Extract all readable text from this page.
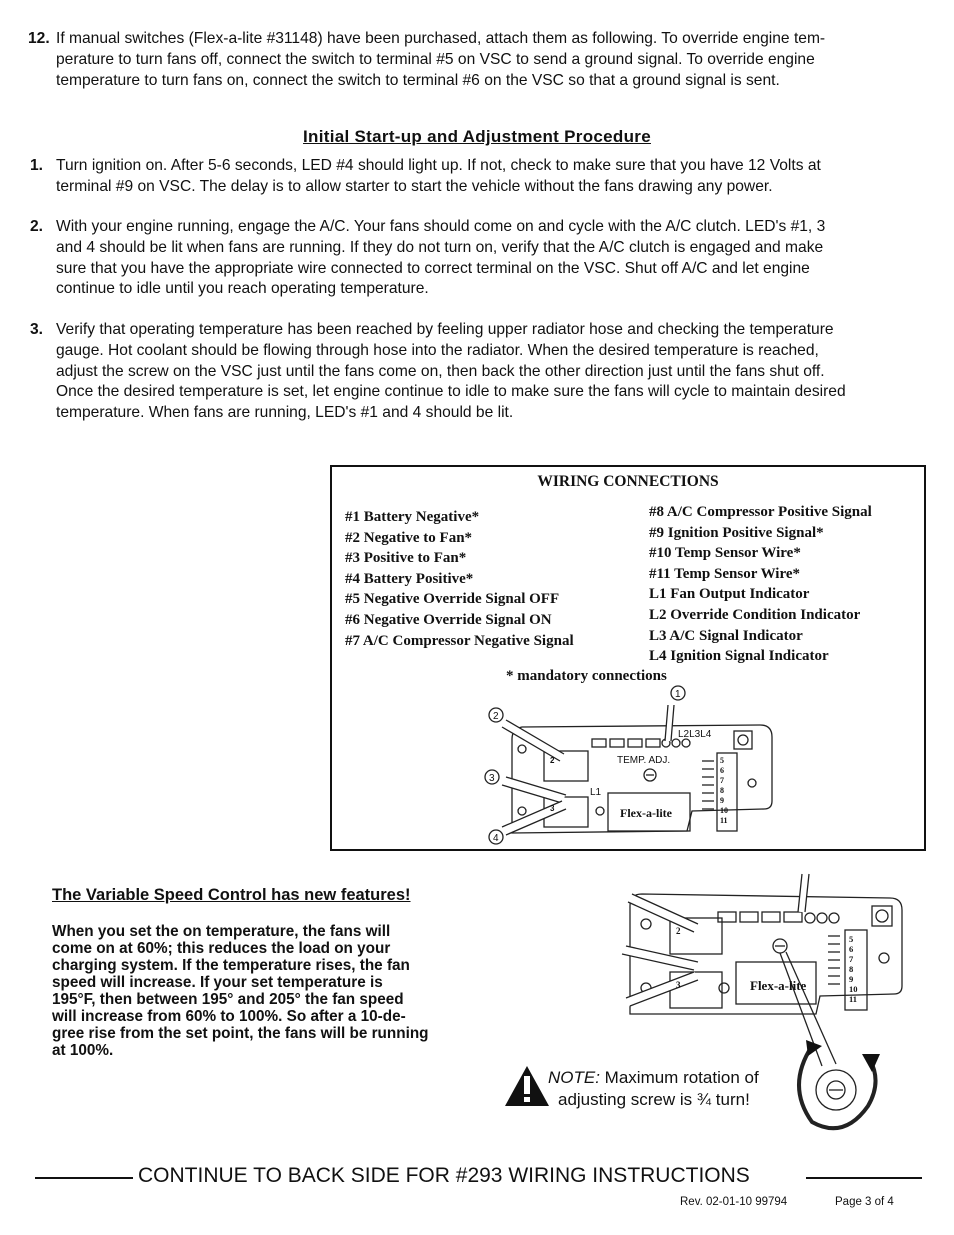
12. If manual switches (Flex-a-lite #31148) have been purchased, attach them as following. To override engine tem-
perature to turn fans off, connect the switch to terminal #5 on VSC to send a ground signal. To override engine
temperature to turn fans on, connect the switch to terminal #6 on the VSC so that a ground signal is sent.
Initial Start-up and Adjustment Procedure
1. Turn ignition on. After 5-6 seconds, LED #4 should light up. If not, check to make sure that you have 12 Volts at
terminal #9 on VSC. The delay is to allow starter to start the vehicle without the fans drawing any power.
2. With your engine running, engage the A/C. Your fans should come on and cycle with the A/C clutch. LED's #1, 3
and 4 should be lit when fans are running. If they do not turn on, verify that the A/C clutch is engaged and make
sure that you have the appropriate wire connected to correct terminal on the VSC. Shut off A/C and let engine
continue to idle until you reach operating temperature.
3. Verify that operating temperature has been reached by feeling upper radiator hose and checking the temperature
gauge. Hot coolant should be flowing through hose into the radiator. When the desired temperature is reached,
adjust the screw on the VSC just until the fans come on, then back the other direction just until the fans shut off.
Once the desired temperature is set, let engine continue to idle to make sure the fans will cycle to maintain desired
temperature. When fans are running, LED's #1 and 4 should be lit.
WIRING CONNECTIONS
#1 Battery Negative*
#2 Negative to Fan*
#3 Positive to Fan*
#4 Battery Positive*
#5 Negative Override Signal OFF
#6 Negative Override Signal ON
#7 A/C Compressor Negative Signal
#8 A/C Compressor Positive Signal
#9 Ignition Positive Signal*
#10 Temp Sensor Wire*
#11 Temp Sensor Wire*
L1 Fan Output Indicator
L2 Override Condition Indicator
L3 A/C Signal Indicator
L4 Ignition Signal Indicator
* mandatory connections
1
2
3
4
L2L3L4
TEMP. ADJ.
L1
2
3	Flex-a-lite
5
6
7
8
9
10
11
The Variable Speed Control has new features!
When you set the on temperature, the fans will
come on at 60%; this reduces the load on your
charging system. If the temperature rises, the fan
speed will increase. If your set temperature is
195°F, then between 195° and 205° the fan speed
will increase from 60% to 100%. So after a 10-de-
gree rise from the set point, the fans will be running
at 100%.
Flex-a-lite
2
3
5
6
7
8
9
10
11
NOTE: Maximum rotation of
adjusting screw is ¾ turn!
CONTINUE TO BACK SIDE FOR #293 WIRING INSTRUCTIONS
Rev. 02-01-10 99794	Page 3 of 4
